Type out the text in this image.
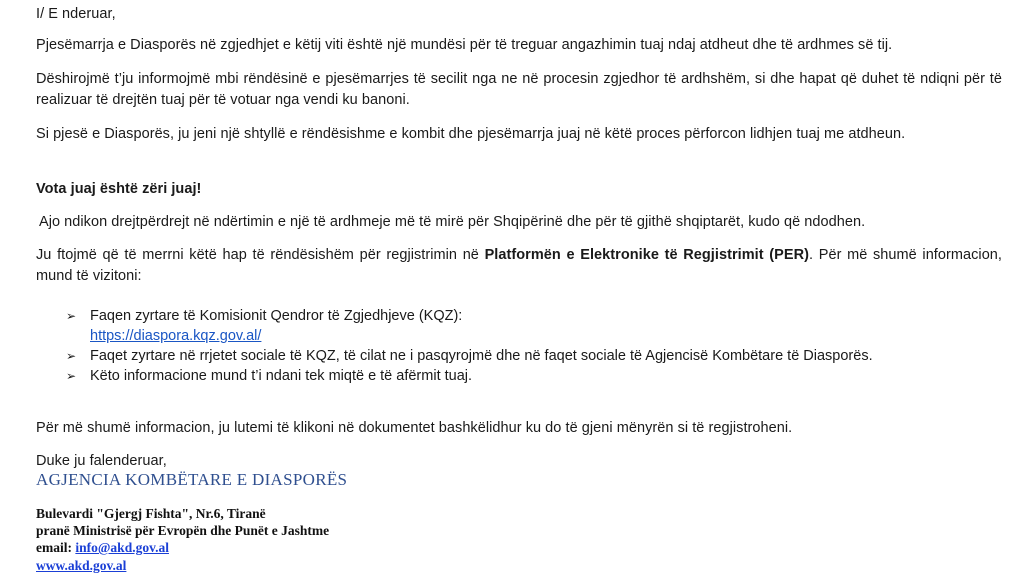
I/ E nderuar,

Pjesëmarrja e Diasporës në zgjedhjet e këtij viti është një mundësi për të treguar angazhimin tuaj ndaj atdheut dhe të ardhmes së tij.

Dëshirojmë t’ju informojmë mbi rëndësinë e pjesëmarrjes të secilit nga ne në procesin zgjedhor të ardhshëm, si dhe hapat që duhet të ndiqni për të realizuar të drejtën tuaj për të votuar nga vendi ku banoni.

Si pjesë e Diasporës, ju jeni një shtyllë e rëndësishme e kombit dhe pjesëmarrja juaj në këtë proces përforcon lidhjen tuaj me atdheun.

Vota juaj është zëri juaj!

Ajo ndikon drejtpërdrejt në ndërtimin e një të ardhmeje më të mirë për Shqipërinë dhe për të gjithë shqiptarët, kudo që ndodhen.

Ju ftojmë që të merrni këtë hap të rëndësishëm për regjistrimin në Platformën e Elektronike të Regjistrimit (PER). Për më shumë informacion, mund të vizitoni:

➢ Faqen zyrtare të Komisionit Qendror të Zgjedhjeve (KQZ):
https://diaspora.kqz.gov.al/
➢ Faqet zyrtare në rrjetet sociale të KQZ, të cilat ne i pasqyrojmë dhe në faqet sociale të Agjencisë Kombëtare të Diasporës.
➢ Këto informacione mund t’i ndani tek miqtë e të afërmit tuaj.

Për më shumë informacion, ju lutemi të klikoni në dokumentet bashkëlidhur ku do të gjeni mënyrën si të regjistroheni.

Duke ju falenderuar,

AGJENCIA KOMBËTARE E DIASPORËS
Bulevardi "Gjergj Fishta", Nr.6, Tiranë
pranë Ministrisë për Evropën dhe Punët e Jashtme
email: info@akd.gov.al
www.akd.gov.al
